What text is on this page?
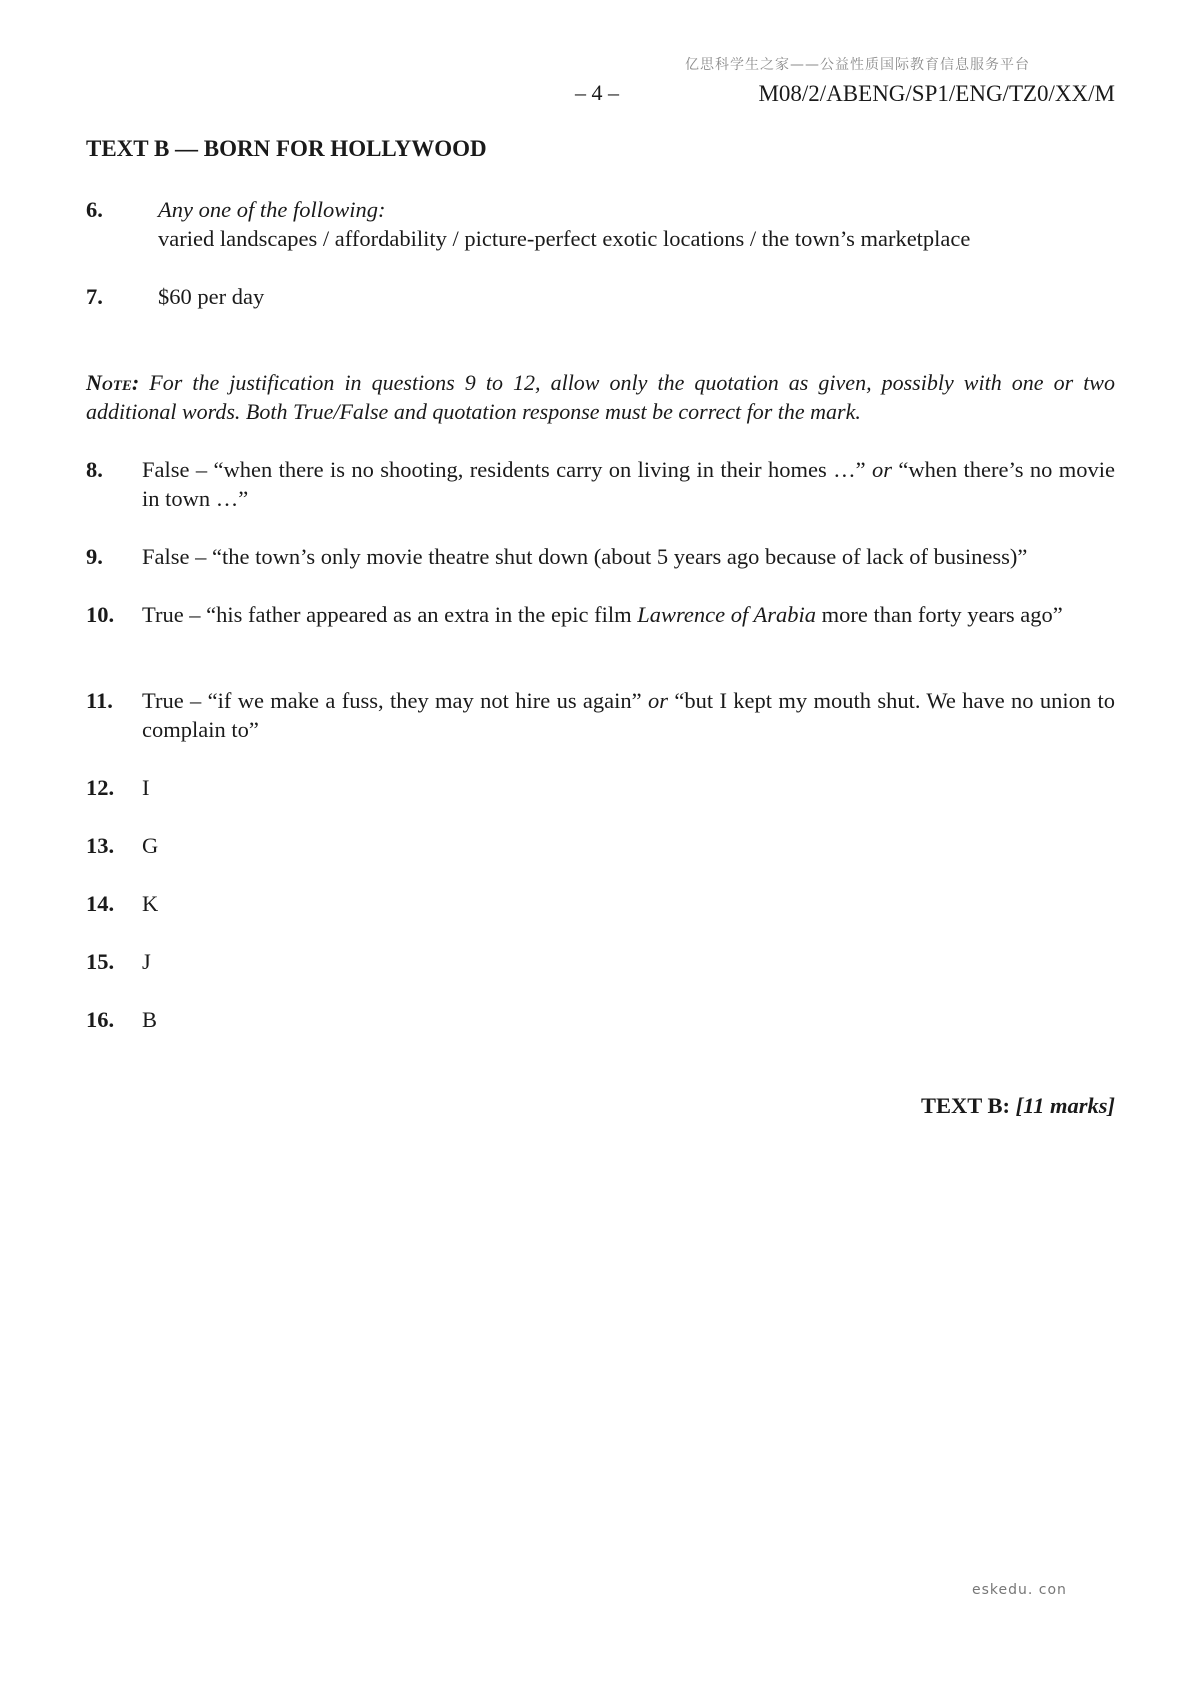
亿思科学生之家——公益性质国际教育信息服务平台
– 4 –	M08/2/ABENG/SP1/ENG/TZ0/XX/M
TEXT B — BORN FOR HOLLYWOOD
6.	Any one of the following:
varied landscapes / affordability / picture-perfect exotic locations / the town’s marketplace
7.	$60 per day
Note: For the justification in questions 9 to 12, allow only the quotation as given, possibly with one or two additional words. Both True/False and quotation response must be correct for the mark.
8.	False – “when there is no shooting, residents carry on living in their homes …” or “when there’s no movie in town …”
9.	False – “the town’s only movie theatre shut down (about 5 years ago because of lack of business)”
10.	True – “his father appeared as an extra in the epic film Lawrence of Arabia more than forty years ago”
11.	True – “if we make a fuss, they may not hire us again” or “but I kept my mouth shut. We have no union to complain to”
12.	I
13.	G
14.	K
15.	J
16.	B
TEXT B: [11 marks]
eskedu. con
